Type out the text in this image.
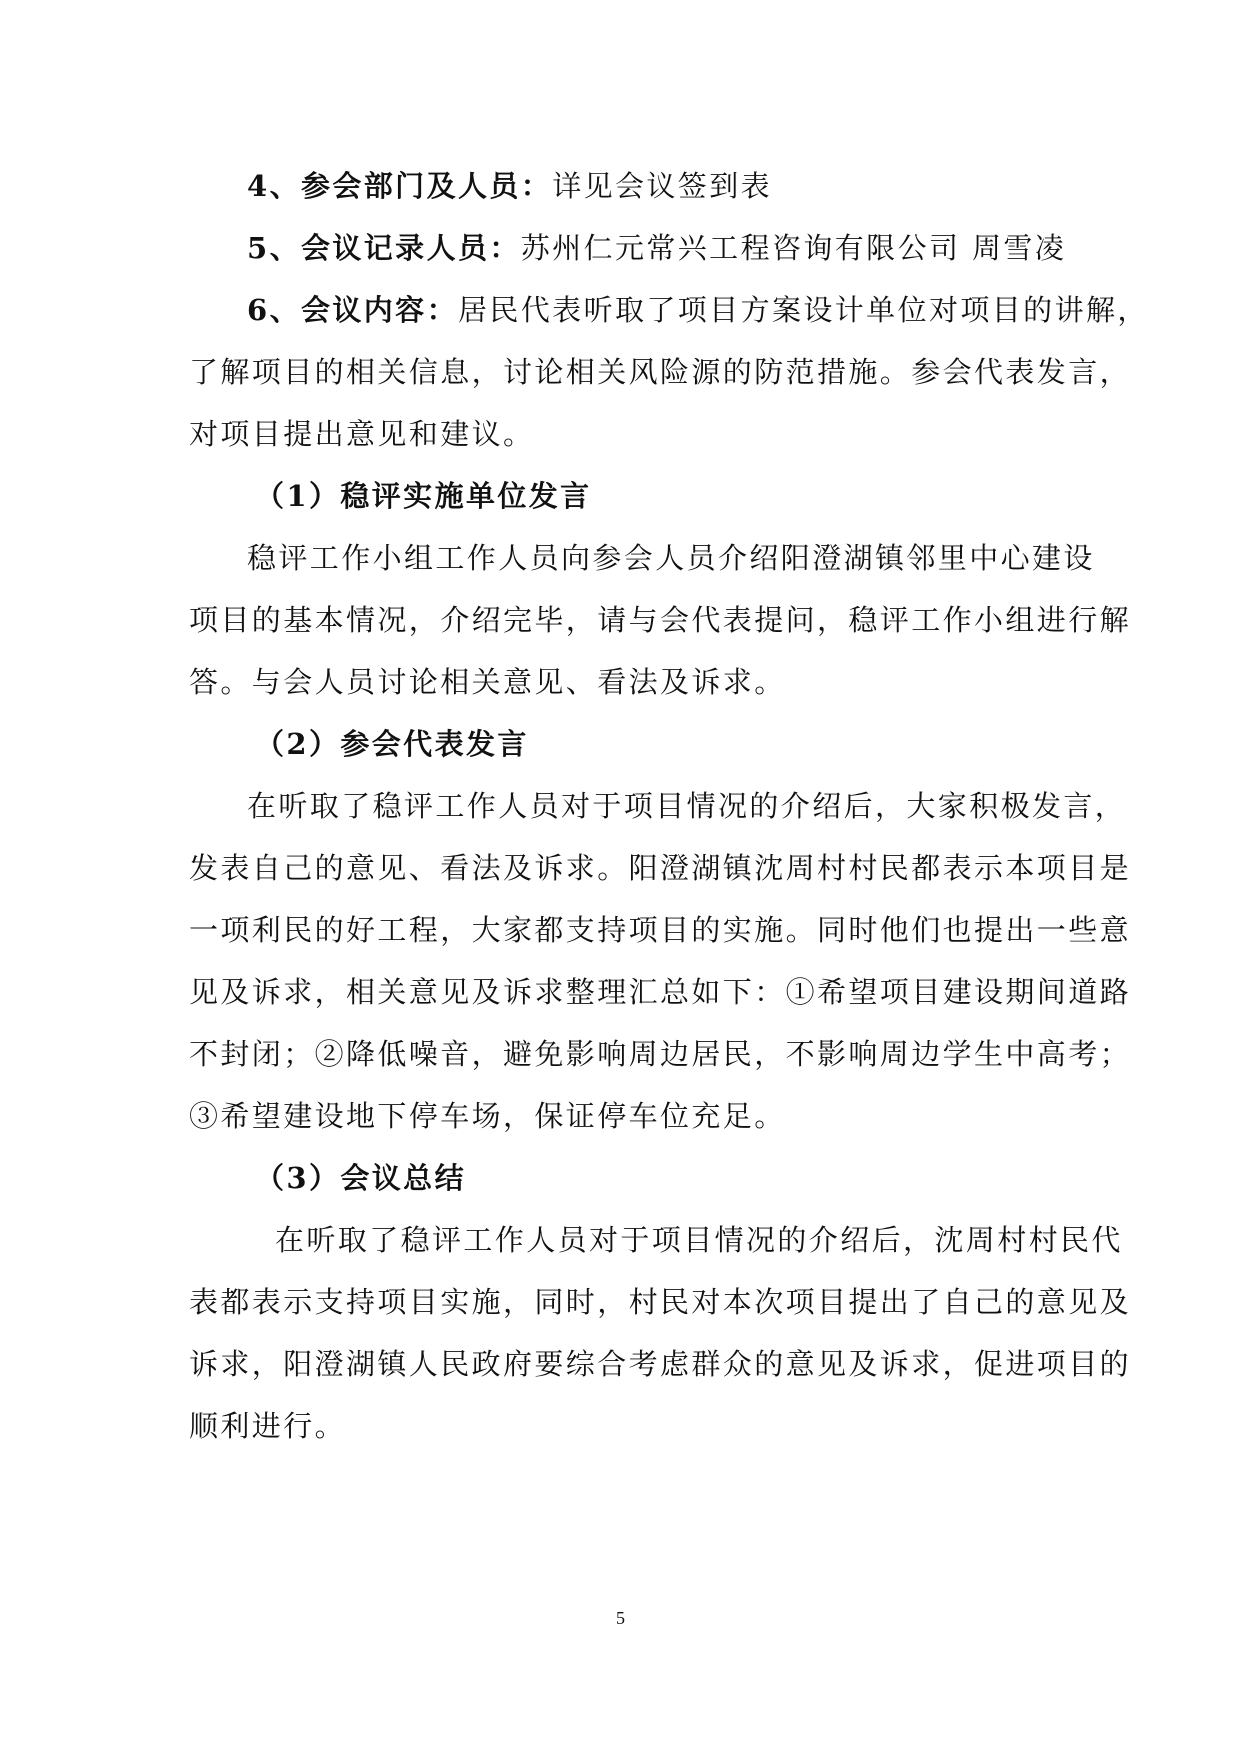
4、参会部门及人员：详见会议签到表
5、会议记录人员：苏州仁元常兴工程咨询有限公司 周雪凌
6、会议内容：居民代表听取了项目方案设计单位对项目的讲解，
了解项目的相关信息，讨论相关风险源的防范措施。参会代表发言，
对项目提出意见和建议。
（1）稳评实施单位发言
稳评工作小组工作人员向参会人员介绍阳澄湖镇邻里中心建设
项目的基本情况，介绍完毕，请与会代表提问，稳评工作小组进行解
答。与会人员讨论相关意见、看法及诉求。
（2）参会代表发言
在听取了稳评工作人员对于项目情况的介绍后，大家积极发言，
发表自己的意见、看法及诉求。阳澄湖镇沈周村村民都表示本项目是
一项利民的好工程，大家都支持项目的实施。同时他们也提出一些意
见及诉求，相关意见及诉求整理汇总如下：①希望项目建设期间道路
不封闭；②降低噪音，避免影响周边居民，不影响周边学生中高考；
③希望建设地下停车场，保证停车位充足。
（3）会议总结
在听取了稳评工作人员对于项目情况的介绍后，沈周村村民代
表都表示支持项目实施，同时，村民对本次项目提出了自己的意见及
诉求，阳澄湖镇人民政府要综合考虑群众的意见及诉求，促进项目的
顺利进行。
5
